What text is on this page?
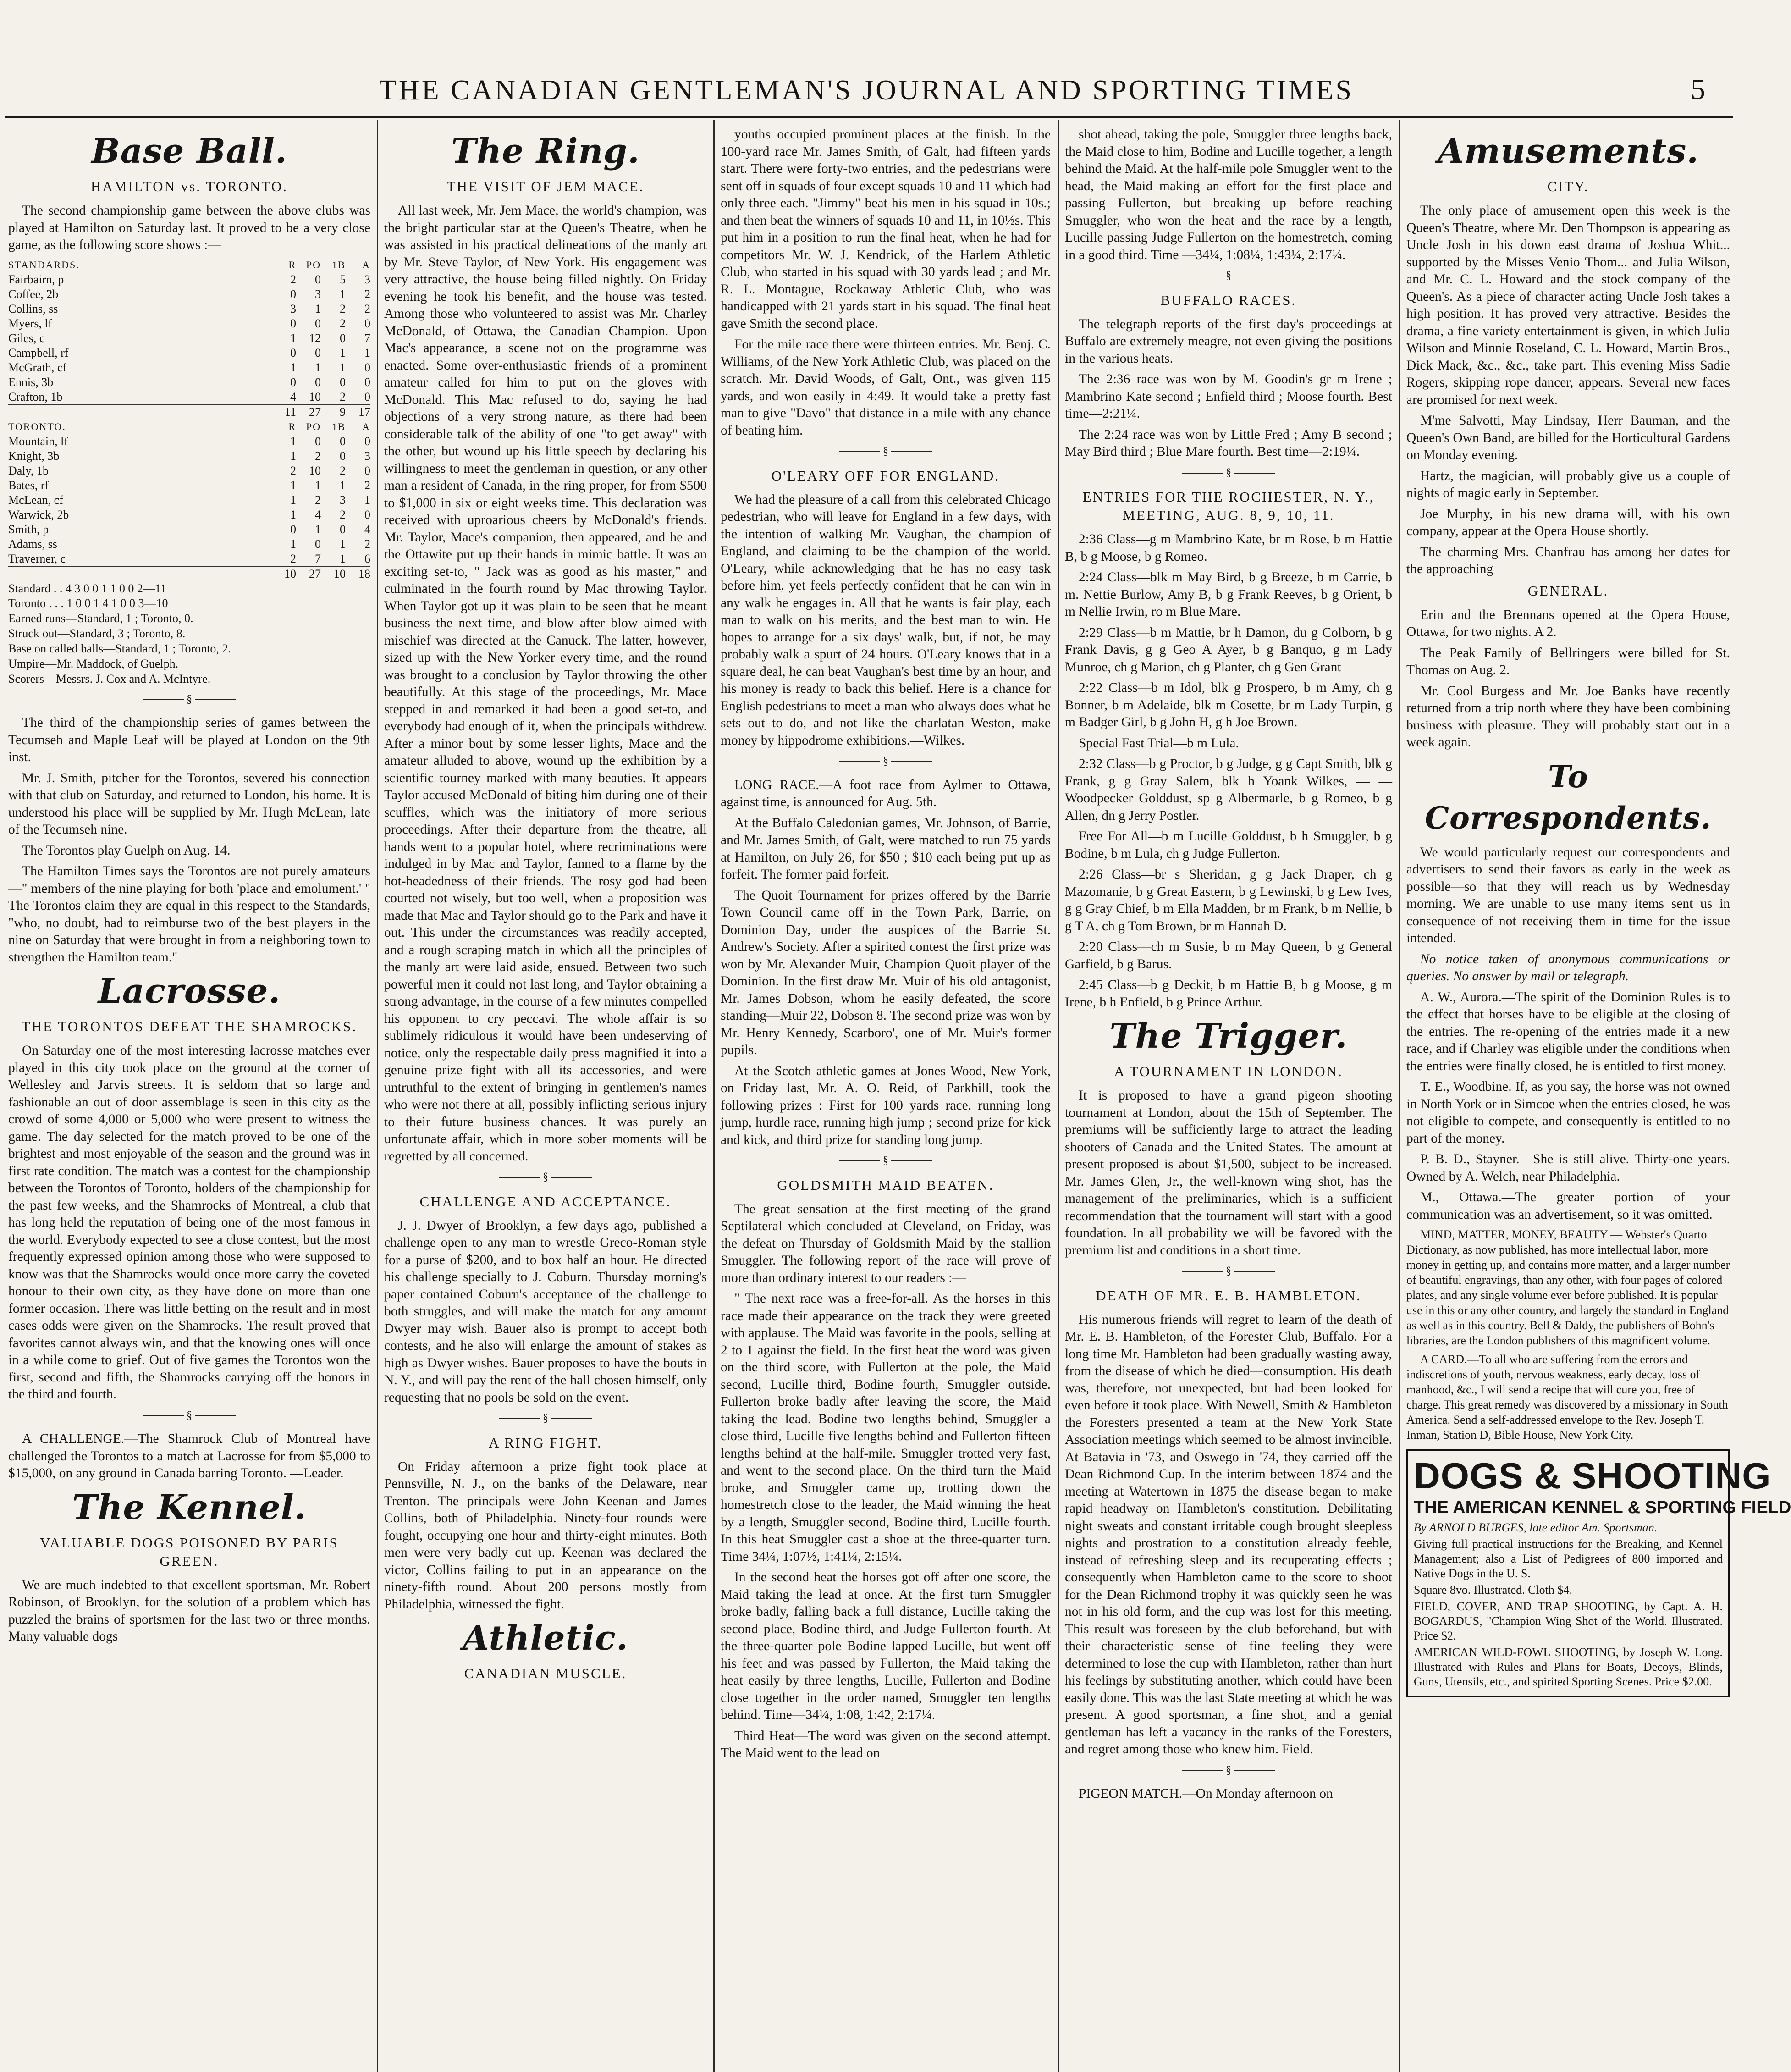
THE CANADIAN GENTLEMAN'S JOURNAL AND SPORTING TIMES	5
Base Ball.
HAMILTON vs. TORONTO.

The second championship game between the above clubs was played at Hamilton on Saturday last. It proved to be a very close game, as the following score shows :—

STANDARDS.	R	PO	1B	A
Fairbairn, p	2	0	5	3
Coffee, 2b	0	3	1	2
Collins, ss	3	1	2	2
Myers, lf	0	0	2	0
Giles, c	1	12	0	7
Campbell, rf	0	0	1	1
McGrath, cf	1	1	1	0
Ennis, 3b	0	0	0	0
Crafton, 1b	4	10	2	0
	11	27	9	17
TORONTO.	R	PO	1B	A
Mountain, lf	1	0	0	0
Knight, 3b	1	2	0	3
Daly, 1b	2	10	2	0
Bates, rf	1	1	1	2
McLean, cf	1	2	3	1
Warwick, 2b	1	4	2	0
Smith, p	0	1	0	4
Adams, ss	1	0	1	2
Traverner, c	2	7	1	6
	10	27	10	18
Standard . . 4 3 0 0 1 1 0 0 2—11
Toronto . . . 1 0 0 1 4 1 0 0 3—10
Earned runs—Standard, 1 ; Toronto, 0.
Struck out—Standard, 3 ; Toronto, 8.
Base on called balls—Standard, 1 ; Toronto, 2.
Umpire—Mr. Maddock, of Guelph.
Scorers—Messrs. J. Cox and A. McIntyre.
§

The third of the championship series of games between the Tecumseh and Maple Leaf will be played at London on the 9th inst.

Mr. J. Smith, pitcher for the Torontos, severed his connection with that club on Saturday, and returned to London, his home. It is understood his place will be supplied by Mr. Hugh McLean, late of the Tecumseh nine.

The Torontos play Guelph on Aug. 14.

The Hamilton Times says the Torontos are not purely amateurs—" members of the nine playing for both 'place and emolument.' " The Torontos claim they are equal in this respect to the Standards, "who, no doubt, had to reimburse two of the best players in the nine on Saturday that were brought in from a neighboring town to strengthen the Hamilton team."

Lacrosse.
THE TORONTOS DEFEAT THE SHAMROCKS.

On Saturday one of the most interesting lacrosse matches ever played in this city took place on the ground at the corner of Wellesley and Jarvis streets. It is seldom that so large and fashionable an out of door assemblage is seen in this city as the crowd of some 4,000 or 5,000 who were present to witness the game. The day selected for the match proved to be one of the brightest and most enjoyable of the season and the ground was in first rate condition. The match was a contest for the championship between the Torontos of Toronto, holders of the championship for the past few weeks, and the Shamrocks of Montreal, a club that has long held the reputation of being one of the most famous in the world. Everybody expected to see a close contest, but the most frequently expressed opinion among those who were supposed to know was that the Shamrocks would once more carry the coveted honour to their own city, as they have done on more than one former occasion. There was little betting on the result and in most cases odds were given on the Shamrocks. The result proved that favorites cannot always win, and that the knowing ones will once in a while come to grief. Out of five games the Torontos won the first, second and fifth, the Shamrocks carrying off the honors in the third and fourth.

§

A CHALLENGE.—The Shamrock Club of Montreal have challenged the Torontos to a match at Lacrosse for from $5,000 to $15,000, on any ground in Canada barring Toronto. —Leader.

The Kennel.
VALUABLE DOGS POISONED BY PARIS GREEN.

We are much indebted to that excellent sportsman, Mr. Robert Robinson, of Brooklyn, for the solution of a problem which has puzzled the brains of sportsmen for the last two or three months. Many valuable dogs

The Ring.
THE VISIT OF JEM MACE.

All last week, Mr. Jem Mace, the world's champion, was the bright particular star at the Queen's Theatre, when he was assisted in his practical delineations of the manly art by Mr. Steve Taylor, of New York. His engagement was very attractive, the house being filled nightly. On Friday evening he took his benefit, and the house was tested. Among those who volunteered to assist was Mr. Charley McDonald, of Ottawa, the Canadian Champion. Upon Mac's appearance, a scene not on the programme was enacted. Some over-enthusiastic friends of a prominent amateur called for him to put on the gloves with McDonald. This Mac refused to do, saying he had objections of a very strong nature, as there had been considerable talk of the ability of one "to get away" with the other, but wound up his little speech by declaring his willingness to meet the gentleman in question, or any other man a resident of Canada, in the ring proper, for from $500 to $1,000 in six or eight weeks time. This declaration was received with uproarious cheers by McDonald's friends. Mr. Taylor, Mace's companion, then appeared, and he and the Ottawite put up their hands in mimic battle. It was an exciting set-to, " Jack was as good as his master," and culminated in the fourth round by Mac throwing Taylor. When Taylor got up it was plain to be seen that he meant business the next time, and blow after blow aimed with mischief was directed at the Canuck. The latter, however, sized up with the New Yorker every time, and the round was brought to a conclusion by Taylor throwing the other beautifully. At this stage of the proceedings, Mr. Mace stepped in and remarked it had been a good set-to, and everybody had enough of it, when the principals withdrew. After a minor bout by some lesser lights, Mace and the amateur alluded to above, wound up the exhibition by a scientific tourney marked with many beauties. It appears Taylor accused McDonald of biting him during one of their scuffles, which was the initiatory of more serious proceedings. After their departure from the theatre, all hands went to a popular hotel, where recriminations were indulged in by Mac and Taylor, fanned to a flame by the hot-headedness of their friends. The rosy god had been courted not wisely, but too well, when a proposition was made that Mac and Taylor should go to the Park and have it out. This under the circumstances was readily accepted, and a rough scraping match in which all the principles of the manly art were laid aside, ensued. Between two such powerful men it could not last long, and Taylor obtaining a strong advantage, in the course of a few minutes compelled his opponent to cry peccavi. The whole affair is so sublimely ridiculous it would have been undeserving of notice, only the respectable daily press magnified it into a genuine prize fight with all its accessories, and were untruthful to the extent of bringing in gentlemen's names who were not there at all, possibly inflicting serious injury to their future business chances. It was purely an unfortunate affair, which in more sober moments will be regretted by all concerned.

§
CHALLENGE AND ACCEPTANCE.

J. J. Dwyer of Brooklyn, a few days ago, published a challenge open to any man to wrestle Greco-Roman style for a purse of $200, and to box half an hour. He directed his challenge specially to J. Coburn. Thursday morning's paper contained Coburn's acceptance of the challenge to both struggles, and will make the match for any amount Dwyer may wish. Bauer also is prompt to accept both contests, and he also will enlarge the amount of stakes as high as Dwyer wishes. Bauer proposes to have the bouts in N. Y., and will pay the rent of the hall chosen himself, only requesting that no pools be sold on the event.

§
A RING FIGHT.

On Friday afternoon a prize fight took place at Pennsville, N. J., on the banks of the Delaware, near Trenton. The principals were John Keenan and James Collins, both of Philadelphia. Ninety-four rounds were fought, occupying one hour and thirty-eight minutes. Both men were very badly cut up. Keenan was declared the victor, Collins failing to put in an appearance on the ninety-fifth round. About 200 persons mostly from Philadelphia, witnessed the fight.

Athletic.
CANADIAN MUSCLE.

youths occupied prominent places at the finish. In the 100-yard race Mr. James Smith, of Galt, had fifteen yards start. There were forty-two entries, and the pedestrians were sent off in squads of four except squads 10 and 11 which had only three each. "Jimmy" beat his men in his squad in 10s.; and then beat the winners of squads 10 and 11, in 10½s. This put him in a position to run the final heat, when he had for competitors Mr. W. J. Kendrick, of the Harlem Athletic Club, who started in his squad with 30 yards lead ; and Mr. R. L. Montague, Rockaway Athletic Club, who was handicapped with 21 yards start in his squad. The final heat gave Smith the second place.

For the mile race there were thirteen entries. Mr. Benj. C. Williams, of the New York Athletic Club, was placed on the scratch. Mr. David Woods, of Galt, Ont., was given 115 yards, and won easily in 4:49. It would take a pretty fast man to give "Davo" that distance in a mile with any chance of beating him.

§
O'LEARY OFF FOR ENGLAND.

We had the pleasure of a call from this celebrated Chicago pedestrian, who will leave for England in a few days, with the intention of walking Mr. Vaughan, the champion of England, and claiming to be the champion of the world. O'Leary, while acknowledging that he has no easy task before him, yet feels perfectly confident that he can win in any walk he engages in. All that he wants is fair play, each man to walk on his merits, and the best man to win. He hopes to arrange for a six days' walk, but, if not, he may probably walk a spurt of 24 hours. O'Leary knows that in a square deal, he can beat Vaughan's best time by an hour, and his money is ready to back this belief. Here is a chance for English pedestrians to meet a man who always does what he sets out to do, and not like the charlatan Weston, make money by hippodrome exhibitions.—Wilkes.

§

LONG RACE.—A foot race from Aylmer to Ottawa, against time, is announced for Aug. 5th.

At the Buffalo Caledonian games, Mr. Johnson, of Barrie, and Mr. James Smith, of Galt, were matched to run 75 yards at Hamilton, on July 26, for $50 ; $10 each being put up as forfeit. The former paid forfeit.

The Quoit Tournament for prizes offered by the Barrie Town Council came off in the Town Park, Barrie, on Dominion Day, under the auspices of the Barrie St. Andrew's Society. After a spirited contest the first prize was won by Mr. Alexander Muir, Champion Quoit player of the Dominion. In the first draw Mr. Muir of his old antagonist, Mr. James Dobson, whom he easily defeated, the score standing—Muir 22, Dobson 8. The second prize was won by Mr. Henry Kennedy, Scarboro', one of Mr. Muir's former pupils.

At the Scotch athletic games at Jones Wood, New York, on Friday last, Mr. A. O. Reid, of Parkhill, took the following prizes : First for 100 yards race, running long jump, hurdle race, running high jump ; second prize for kick and kick, and third prize for standing long jump.

§
GOLDSMITH MAID BEATEN.

The great sensation at the first meeting of the grand Septilateral which concluded at Cleveland, on Friday, was the defeat on Thursday of Goldsmith Maid by the stallion Smuggler. The following report of the race will prove of more than ordinary interest to our readers :—

" The next race was a free-for-all. As the horses in this race made their appearance on the track they were greeted with applause. The Maid was favorite in the pools, selling at 2 to 1 against the field. In the first heat the word was given on the third score, with Fullerton at the pole, the Maid second, Lucille third, Bodine fourth, Smuggler outside. Fullerton broke badly after leaving the score, the Maid taking the lead. Bodine two lengths behind, Smuggler a close third, Lucille five lengths behind and Fullerton fifteen lengths behind at the half-mile. Smuggler trotted very fast, and went to the second place. On the third turn the Maid broke, and Smuggler came up, trotting down the homestretch close to the leader, the Maid winning the heat by a length, Smuggler second, Bodine third, Lucille fourth. In this heat Smuggler cast a shoe at the three-quarter turn. Time 34¼, 1:07½, 1:41¼, 2:15¼.

In the second heat the horses got off after one score, the Maid taking the lead at once. At the first turn Smuggler broke badly, falling back a full distance, Lucille taking the second place, Bodine third, and Judge Fullerton fourth. At the three-quarter pole Bodine lapped Lucille, but went off his feet and was passed by Fullerton, the Maid taking the heat easily by three lengths, Lucille, Fullerton and Bodine close together in the order named, Smuggler ten lengths behind. Time—34¼, 1:08, 1:42, 2:17¼.

Third Heat—The word was given on the second attempt. The Maid went to the lead on

shot ahead, taking the pole, Smuggler three lengths back, the Maid close to him, Bodine and Lucille together, a length behind the Maid. At the half-mile pole Smuggler went to the head, the Maid making an effort for the first place and passing Fullerton, but breaking up before reaching Smuggler, who won the heat and the race by a length, Lucille passing Judge Fullerton on the homestretch, coming in a good third. Time —34¼, 1:08¼, 1:43¼, 2:17¼.

§
BUFFALO RACES.

The telegraph reports of the first day's proceedings at Buffalo are extremely meagre, not even giving the positions in the various heats.

The 2:36 race was won by M. Goodin's gr m Irene ; Mambrino Kate second ; Enfield third ; Moose fourth. Best time—2:21¼.

The 2:24 race was won by Little Fred ; Amy B second ; May Bird third ; Blue Mare fourth. Best time—2:19¼.

§
ENTRIES FOR THE ROCHESTER, N. Y., MEETING, AUG. 8, 9, 10, 11.

2:36 Class—g m Mambrino Kate, br m Rose, b m Hattie B, b g Moose, b g Romeo.

2:24 Class—blk m May Bird, b g Breeze, b m Carrie, b m. Nettie Burlow, Amy B, b g Frank Reeves, b g Orient, b m Nellie Irwin, ro m Blue Mare.

2:29 Class—b m Mattie, br h Damon, du g Colborn, b g Frank Davis, g g Geo A Ayer, b g Banquo, g m Lady Munroe, ch g Marion, ch g Planter, ch g Gen Grant

2:22 Class—b m Idol, blk g Prospero, b m Amy, ch g Bonner, b m Adelaide, blk m Cosette, br m Lady Turpin, g m Badger Girl, b g John H, g h Joe Brown.

Special Fast Trial—b m Lula.

2:32 Class—b g Proctor, b g Judge, g g Capt Smith, blk g Frank, g g Gray Salem, blk h Yoank Wilkes, — — Woodpecker Golddust, sp g Albermarle, b g Romeo, b g Allen, dn g Jerry Postler.

Free For All—b m Lucille Golddust, b h Smuggler, b g Bodine, b m Lula, ch g Judge Fullerton.

2:26 Class—br s Sheridan, g g Jack Draper, ch g Mazomanie, b g Great Eastern, b g Lewinski, b g Lew Ives, g g Gray Chief, b m Ella Madden, br m Frank, b m Nellie, b g T A, ch g Tom Brown, br m Hannah D.

2:20 Class—ch m Susie, b m May Queen, b g General Garfield, b g Barus.

2:45 Class—b g Deckit, b m Hattie B, b g Moose, g m Irene, b h Enfield, b g Prince Arthur.

The Trigger.
A TOURNAMENT IN LONDON.

It is proposed to have a grand pigeon shooting tournament at London, about the 15th of September. The premiums will be sufficiently large to attract the leading shooters of Canada and the United States. The amount at present proposed is about $1,500, subject to be increased. Mr. James Glen, Jr., the well-known wing shot, has the management of the preliminaries, which is a sufficient recommendation that the tournament will start with a good foundation. In all probability we will be favored with the premium list and conditions in a short time.

§
DEATH OF MR. E. B. HAMBLETON.

His numerous friends will regret to learn of the death of Mr. E. B. Hambleton, of the Forester Club, Buffalo. For a long time Mr. Hambleton had been gradually wasting away, from the disease of which he died—consumption. His death was, therefore, not unexpected, but had been looked for even before it took place. With Newell, Smith & Hambleton the Foresters presented a team at the New York State Association meetings which seemed to be almost invincible. At Batavia in '73, and Oswego in '74, they carried off the Dean Richmond Cup. In the interim between 1874 and the meeting at Watertown in 1875 the disease began to make rapid headway on Hambleton's constitution. Debilitating night sweats and constant irritable cough brought sleepless nights and prostration to a constitution already feeble, instead of refreshing sleep and its recuperating effects ; consequently when Hambleton came to the score to shoot for the Dean Richmond trophy it was quickly seen he was not in his old form, and the cup was lost for this meeting. This result was foreseen by the club beforehand, but with their characteristic sense of fine feeling they were determined to lose the cup with Hambleton, rather than hurt his feelings by substituting another, which could have been easily done. This was the last State meeting at which he was present. A good sportsman, a fine shot, and a genial gentleman has left a vacancy in the ranks of the Foresters, and regret among those who knew him. Field.

§

PIGEON MATCH.—On Monday afternoon on

Amusements.
CITY.

The only place of amusement open this week is the Queen's Theatre, where Mr. Den Thompson is appearing as Uncle Josh in his down east drama of Joshua Whit... supported by the Misses Venio Thom... and Julia Wilson, and Mr. C. L. Howard and the stock company of the Queen's. As a piece of character acting Uncle Josh takes a high position. It has proved very attractive. Besides the drama, a fine variety entertainment is given, in which Julia Wilson and Minnie Roseland, C. L. Howard, Martin Bros., Dick Mack, &c., &c., take part. This evening Miss Sadie Rogers, skipping rope dancer, appears. Several new faces are promised for next week.

M'me Salvotti, May Lindsay, Herr Bauman, and the Queen's Own Band, are billed for the Horticultural Gardens on Monday evening.

Hartz, the magician, will probably give us a couple of nights of magic early in September.

Joe Murphy, in his new drama will, with his own company, appear at the Opera House shortly.

The charming Mrs. Chanfrau has among her dates for the approaching

GENERAL.

Erin and the Brennans opened at the Opera House, Ottawa, for two nights. A 2.

The Peak Family of Bellringers were billed for St. Thomas on Aug. 2.

Mr. Cool Burgess and Mr. Joe Banks have recently returned from a trip north where they have been combining business with pleasure. They will probably start out in a week again.

To Correspondents.

We would particularly request our correspondents and advertisers to send their favors as early in the week as possible—so that they will reach us by Wednesday morning. We are unable to use many items sent us in consequence of not receiving them in time for the issue intended.

No notice taken of anonymous communications or queries. No answer by mail or telegraph.

A. W., Aurora.—The spirit of the Dominion Rules is to the effect that horses have to be eligible at the closing of the entries. The re-opening of the entries made it a new race, and if Charley was eligible under the conditions when the entries were finally closed, he is entitled to first money.

T. E., Woodbine. If, as you say, the horse was not owned in North York or in Simcoe when the entries closed, he was not eligible to compete, and consequently is entitled to no part of the money.

P. B. D., Stayner.—She is still alive. Thirty-one years. Owned by A. Welch, near Philadelphia.

M., Ottawa.—The greater portion of your communication was an advertisement, so it was omitted.

MIND, MATTER, MONEY, BEAUTY — Webster's Quarto Dictionary, as now published, has more intellectual labor, more money in getting up, and contains more matter, and a larger number of beautiful engravings, than any other, with four pages of colored plates, and any single volume ever before published. It is popular use in this or any other country, and largely the standard in England as well as in this country. Bell & Daldy, the publishers of Bohn's libraries, are the London publishers of this magnificent volume.

A CARD.—To all who are suffering from the errors and indiscretions of youth, nervous weakness, early decay, loss of manhood, &c., I will send a recipe that will cure you, free of charge. This great remedy was discovered by a missionary in South America. Send a self-addressed envelope to the Rev. Joseph T. Inman, Station D, Bible House, New York City.

DOGS & SHOOTING
THE AMERICAN KENNEL & SPORTING FIELD
By ARNOLD BURGES, late editor Am. Sportsman.
Giving full practical instructions for the Breaking, and Kennel Management; also a List of Pedigrees of 800 imported and Native Dogs in the U. S.
Square 8vo. Illustrated. Cloth $4.
FIELD, COVER, AND TRAP SHOOTING, by Capt. A. H. BOGARDUS, "Champion Wing Shot of the World. Illustrated. Price $2.
AMERICAN WILD-FOWL SHOOTING, by Joseph W. Long. Illustrated with Rules and Plans for Boats, Decoys, Blinds, Guns, Utensils, etc., and spirited Sporting Scenes. Price $2.00.
